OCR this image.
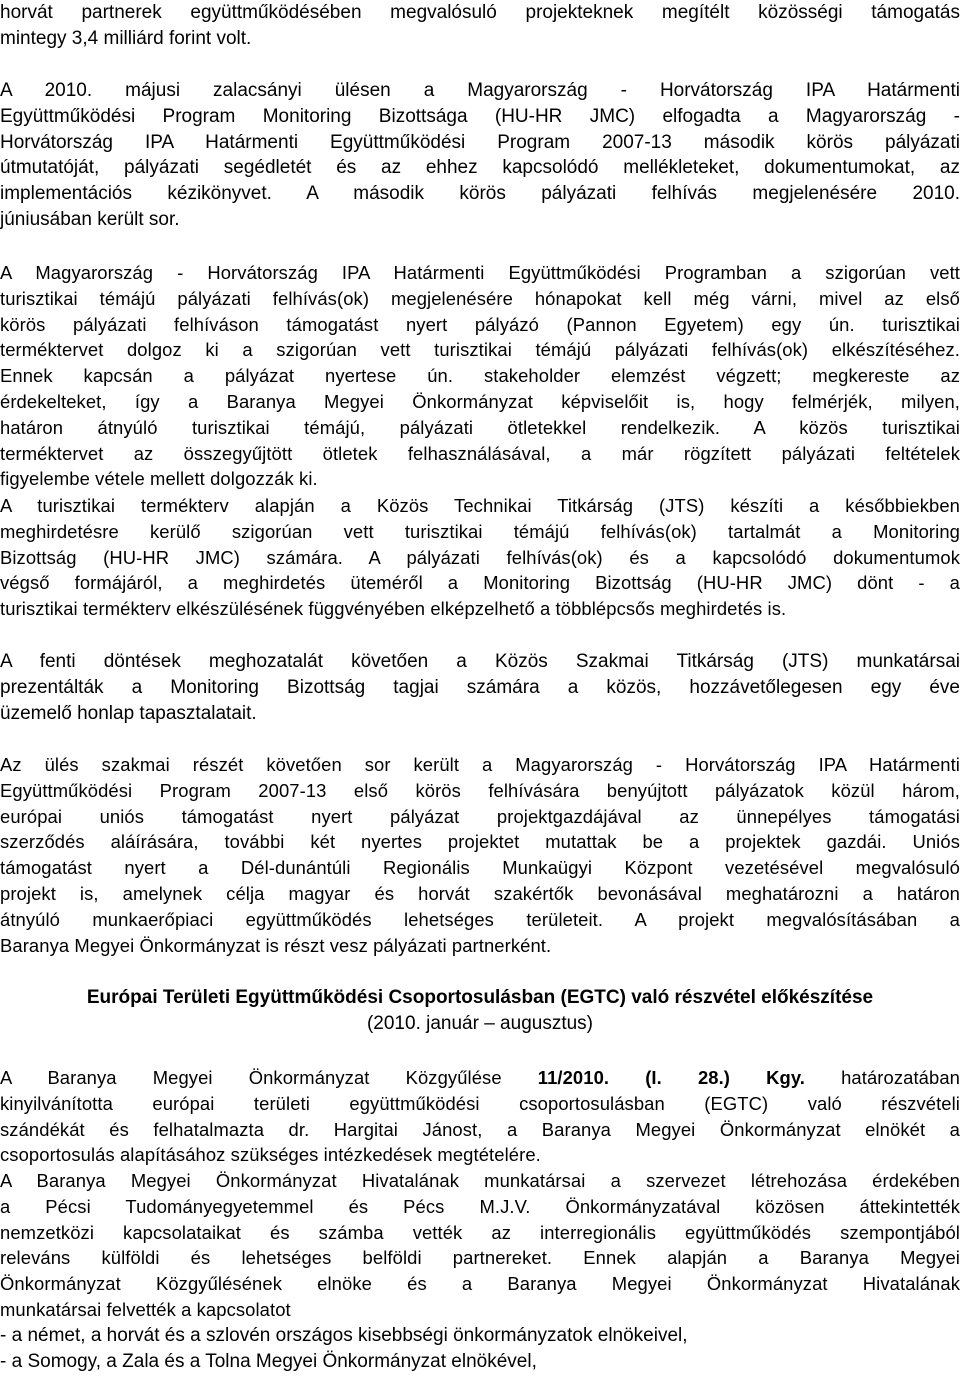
horvát partnerek együttműködésében megvalósuló projekteknek megítélt közösségi támogatás
mintegy 3,4 milliárd forint volt.
A 2010. májusi zalacsányi ülésen a Magyarország - Horvátország IPA Határmenti
Együttműködési Program Monitoring Bizottsága (HU-HR JMC) elfogadta a Magyarország -
Horvátország IPA Határmenti Együttműködési Program 2007-13 második körös pályázati
útmutatóját, pályázati segédletét és az ehhez kapcsolódó mellékleteket, dokumentumokat, az
implementációs kézikönyvet. A második körös pályázati felhívás megjelenésére 2010.
júniusában került sor.
A Magyarország - Horvátország IPA Határmenti Együttműködési Programban a szigorúan vett
turisztikai témájú pályázati felhívás(ok) megjelenésére hónapokat kell még várni, mivel az első
körös pályázati felhíváson támogatást nyert pályázó (Pannon Egyetem) egy ún. turisztikai
terméktervet dolgoz ki a szigorúan vett turisztikai témájú pályázati felhívás(ok) elkészítéséhez.
Ennek kapcsán a pályázat nyertese ún. stakeholder elemzést végzett; megkereste az
érdekelteket, így a Baranya Megyei Önkormányzat képviselőit is, hogy felmérjék, milyen,
határon átnyúló turisztikai témájú, pályázati ötletekkel rendelkezik. A közös turisztikai
terméktervet az összegyűjtött ötletek felhasználásával, a már rögzített pályázati feltételek
figyelembe vétele mellett dolgozzák ki.
A turisztikai termékterv alapján a Közös Technikai Titkárság (JTS) készíti a későbbiekben
meghirdetésre kerülő szigorúan vett turisztikai témájú felhívás(ok) tartalmát a Monitoring
Bizottság (HU-HR JMC) számára. A pályázati felhívás(ok) és a kapcsolódó dokumentumok
végső formájáról, a meghirdetés üteméről a Monitoring Bizottság (HU-HR JMC) dönt - a
turisztikai termékterv elkészülésének függvényében elképzelhető a többlépcsős meghirdetés is.
A fenti döntések meghozatalát követően a Közös Szakmai Titkárság (JTS) munkatársai
prezentálták a Monitoring Bizottság tagjai számára a közös, hozzávetőlegesen egy éve
üzemelő honlap tapasztalatait.
Az ülés szakmai részét követően sor került a Magyarország - Horvátország IPA Határmenti
Együttműködési Program 2007-13 első körös felhívására benyújtott pályázatok közül három,
európai uniós támogatást nyert pályázat projektgazdájával az ünnepélyes támogatási
szerződés aláírására, további két nyertes projektet mutattak be a projektek gazdái. Uniós
támogatást nyert a Dél-dunántúli Regionális Munkaügyi Központ vezetésével megvalósuló
projekt is, amelynek célja magyar és horvát szakértők bevonásával meghatározni a határon
átnyúló munkaerőpiaci együttműködés lehetséges területeit. A projekt megvalósításában a
Baranya Megyei Önkormányzat is részt vesz pályázati partnerként.
Európai Területi Együttműködési Csoportosulásban (EGTC) való részvétel előkészítése
(2010. január – augusztus)
A Baranya Megyei Önkormányzat Közgyűlése 11/2010. (I. 28.) Kgy. határozatában
kinyilvánította európai területi együttműködési csoportosulásban (EGTC) való részvételi
szándékát és felhatalmazta dr. Hargitai Jánost, a Baranya Megyei Önkormányzat elnökét a
csoportosulás alapításához szükséges intézkedések megtételére.
A Baranya Megyei Önkormányzat Hivatalának munkatársai a szervezet létrehozása érdekében
a Pécsi Tudományegyetemmel és Pécs M.J.V. Önkormányzatával közösen áttekintették
nemzetközi kapcsolataikat és számba vették az interregionális együttműködés szempontjából
releváns külföldi és lehetséges belföldi partnereket. Ennek alapján a Baranya Megyei
Önkormányzat Közgyűlésének elnöke és a Baranya Megyei Önkormányzat Hivatalának
munkatársai felvették a kapcsolatot
- a német, a horvát és a szlovén országos kisebbségi önkormányzatok elnökeivel,
- a Somogy, a Zala és a Tolna Megyei Önkormányzat elnökével,
